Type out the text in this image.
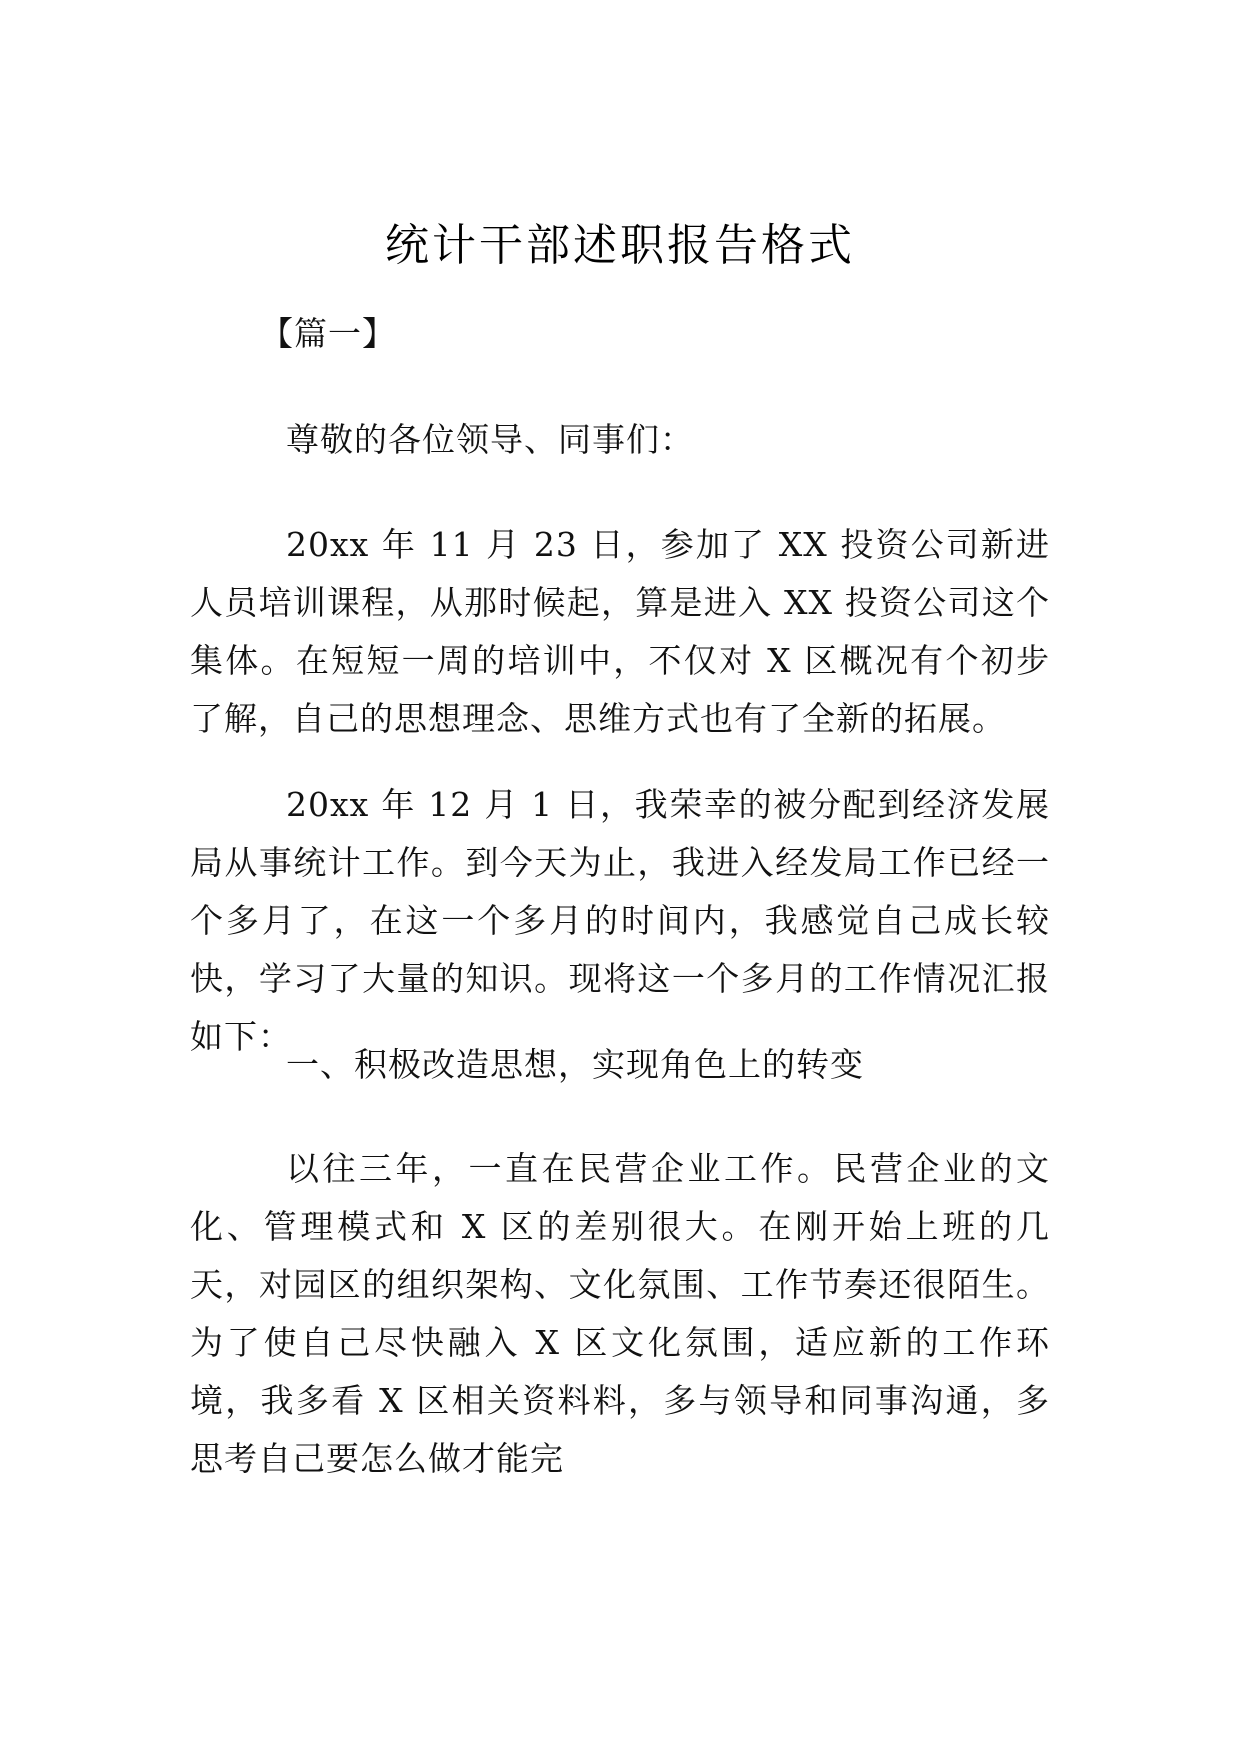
统计干部述职报告格式
【篇一】
尊敬的各位领导、同事们：
20xx 年 11 月 23 日，参加了 XX 投资公司新进人员培训课程，从那时候起，算是进入 XX 投资公司这个集体。在短短一周的培训中，不仅对 X 区概况有个初步了解，自己的思想理念、思维方式也有了全新的拓展。
20xx 年 12 月 1 日，我荣幸的被分配到经济发展局从事统计工作。到今天为止，我进入经发局工作已经一个多月了，在这一个多月的时间内，我感觉自己成长较快，学习了大量的知识。现将这一个多月的工作情况汇报如下：
一、积极改造思想，实现角色上的转变
以往三年，一直在民营企业工作。民营企业的文化、管理模式和 X 区的差别很大。在刚开始上班的几天，对园区的组织架构、文化氛围、工作节奏还很陌生。为了使自己尽快融入 X 区文化氛围，适应新的工作环境，我多看 X 区相关资料料，多与领导和同事沟通，多思考自己要怎么做才能完
